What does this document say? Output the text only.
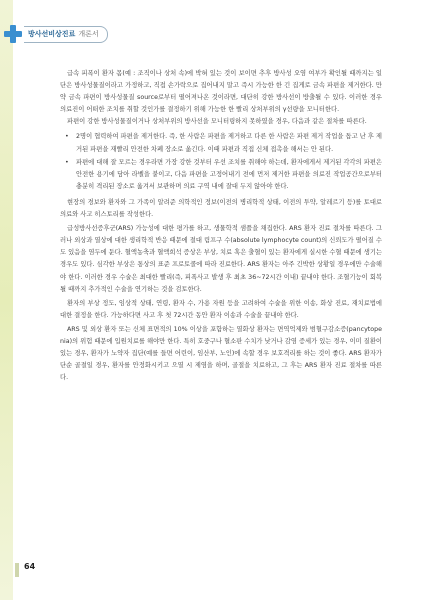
방사선비상진료 개론서

급속 피폭이 환자 몸(예 : 조직이나 상처 속)에 박혀 있는 것이 보이면 추후 방사성 오염 여부가 확인될 때까지는 일단은 방사성물질이라고 가정하고, 직접 손가락으로 집어내지 말고 즉시 가능한 한 긴 집게로 금속 파편을 제거한다. 만약 금속 파편이 방사성물질 source로부터 떨어져나온 것이라면, 대단히 강한 방사선이 방출될 수 있다. 이러한 경우 의료진이 어떠한 조치를 취할 것인가를 결정하기 위해 가능한 한 빨리 상처부위의 γ선량을 모니터한다.

파편이 강한 방사성물질이거나 상처부위의 방사선을 모니터링하지 못하였을 경우, 다음과 같은 절차를 따른다.

• 2명이 협력하여 파편을 제거한다. 즉, 한 사람은 파편을 제거하고 다른 한 사람은 파편 제거 작업을 돕고 난 후 제거된 파편을 재빨리 안전한 차폐 장소로 옮긴다. 이때 파편과 직접 신체 접촉을 해서는 안 된다.
• 파편에 대해 잘 모르는 경우라면 가장 강한 것부터 우선 조치를 취해야 하는데, 환자에게서 제거된 각각의 파편은 안전한 용기에 담아 라벨을 붙이고, 다음 파편을 고정어내기 전에 먼저 제거한 파편을 의료진 작업공간으로부터 충분히 격리된 장소로 옮겨서 보관하며 의료 구역 내에 잘대 두지 않아야 한다.

현장의 경보와 환자와 그 가족이 알려준 의학적인 정보(이전의 병리학적 상태, 이전의 투약, 알레르기 등)를 토대로 의료와 사고 히스토리를 작성한다.

급성방사선증후군(ARS) 가능성에 대한 평가를 하고, 생물학적 샘플을 채집한다. ARS 환자 진료 절차를 따른다. 그러나 외상과 열상에 대한 생리학적 반응 때문에 절대 림프구 수(absolute lymphocyte count)의 신뢰도가 떨어질 수도 있음을 염두에 둔다. 혈액농축과 혈액희석 증상은 부상, 치료 혹은 출혈이 있는 환자에게 실시한 수혈 때문에 생기는 경우도 있다. 심각한 부상은 통상의 표준 프로토콜에 따라 진료한다. ARS 환자는 아주 긴박한 상황일 경우에만 수술해야 한다. 이러한 경우 수술은 최대한 빨리(즉, 피폭사고 발생 후 최초 36~72시간 이내) 끝내야 한다. 조혈기능이 회복될 때까지 추가적인 수술을 연기하는 것을 검토한다.

환자의 부상 정도, 임상적 상태, 연령, 환자 수, 가용 자원 등을 고려하여 수술을 위한 이송, 화상 진료, 재치료법에 대한 결정을 한다. 가능하다면 사고 후 첫 72시간 동안 환자 이송과 수술을 끝내야 한다.

ARS 및 외상 환자 또는 신체 표면적의 10% 이상을 포함하는 열화상 환자는 면역억제와 범혈구감소증(pancytopenia)의 위험 때문에 입원치료를 해야만 한다. 특히 호중구나 혈소판 수치가 낮거나 감염 증세가 있는 경우, 이미 질환이 있는 경우, 환자가 노약자 집단(예를 들면 어린이, 임산부, 노인)에 속할 경우 보호격리를 하는 것이 좋다. ARS 환자가 단순 골절일 경우, 환자를 안정화시키고 으열 시 제염을 하며, 골절을 치료하고, 그 후는 ARS 환자 진료 절차를 따른다.

64
